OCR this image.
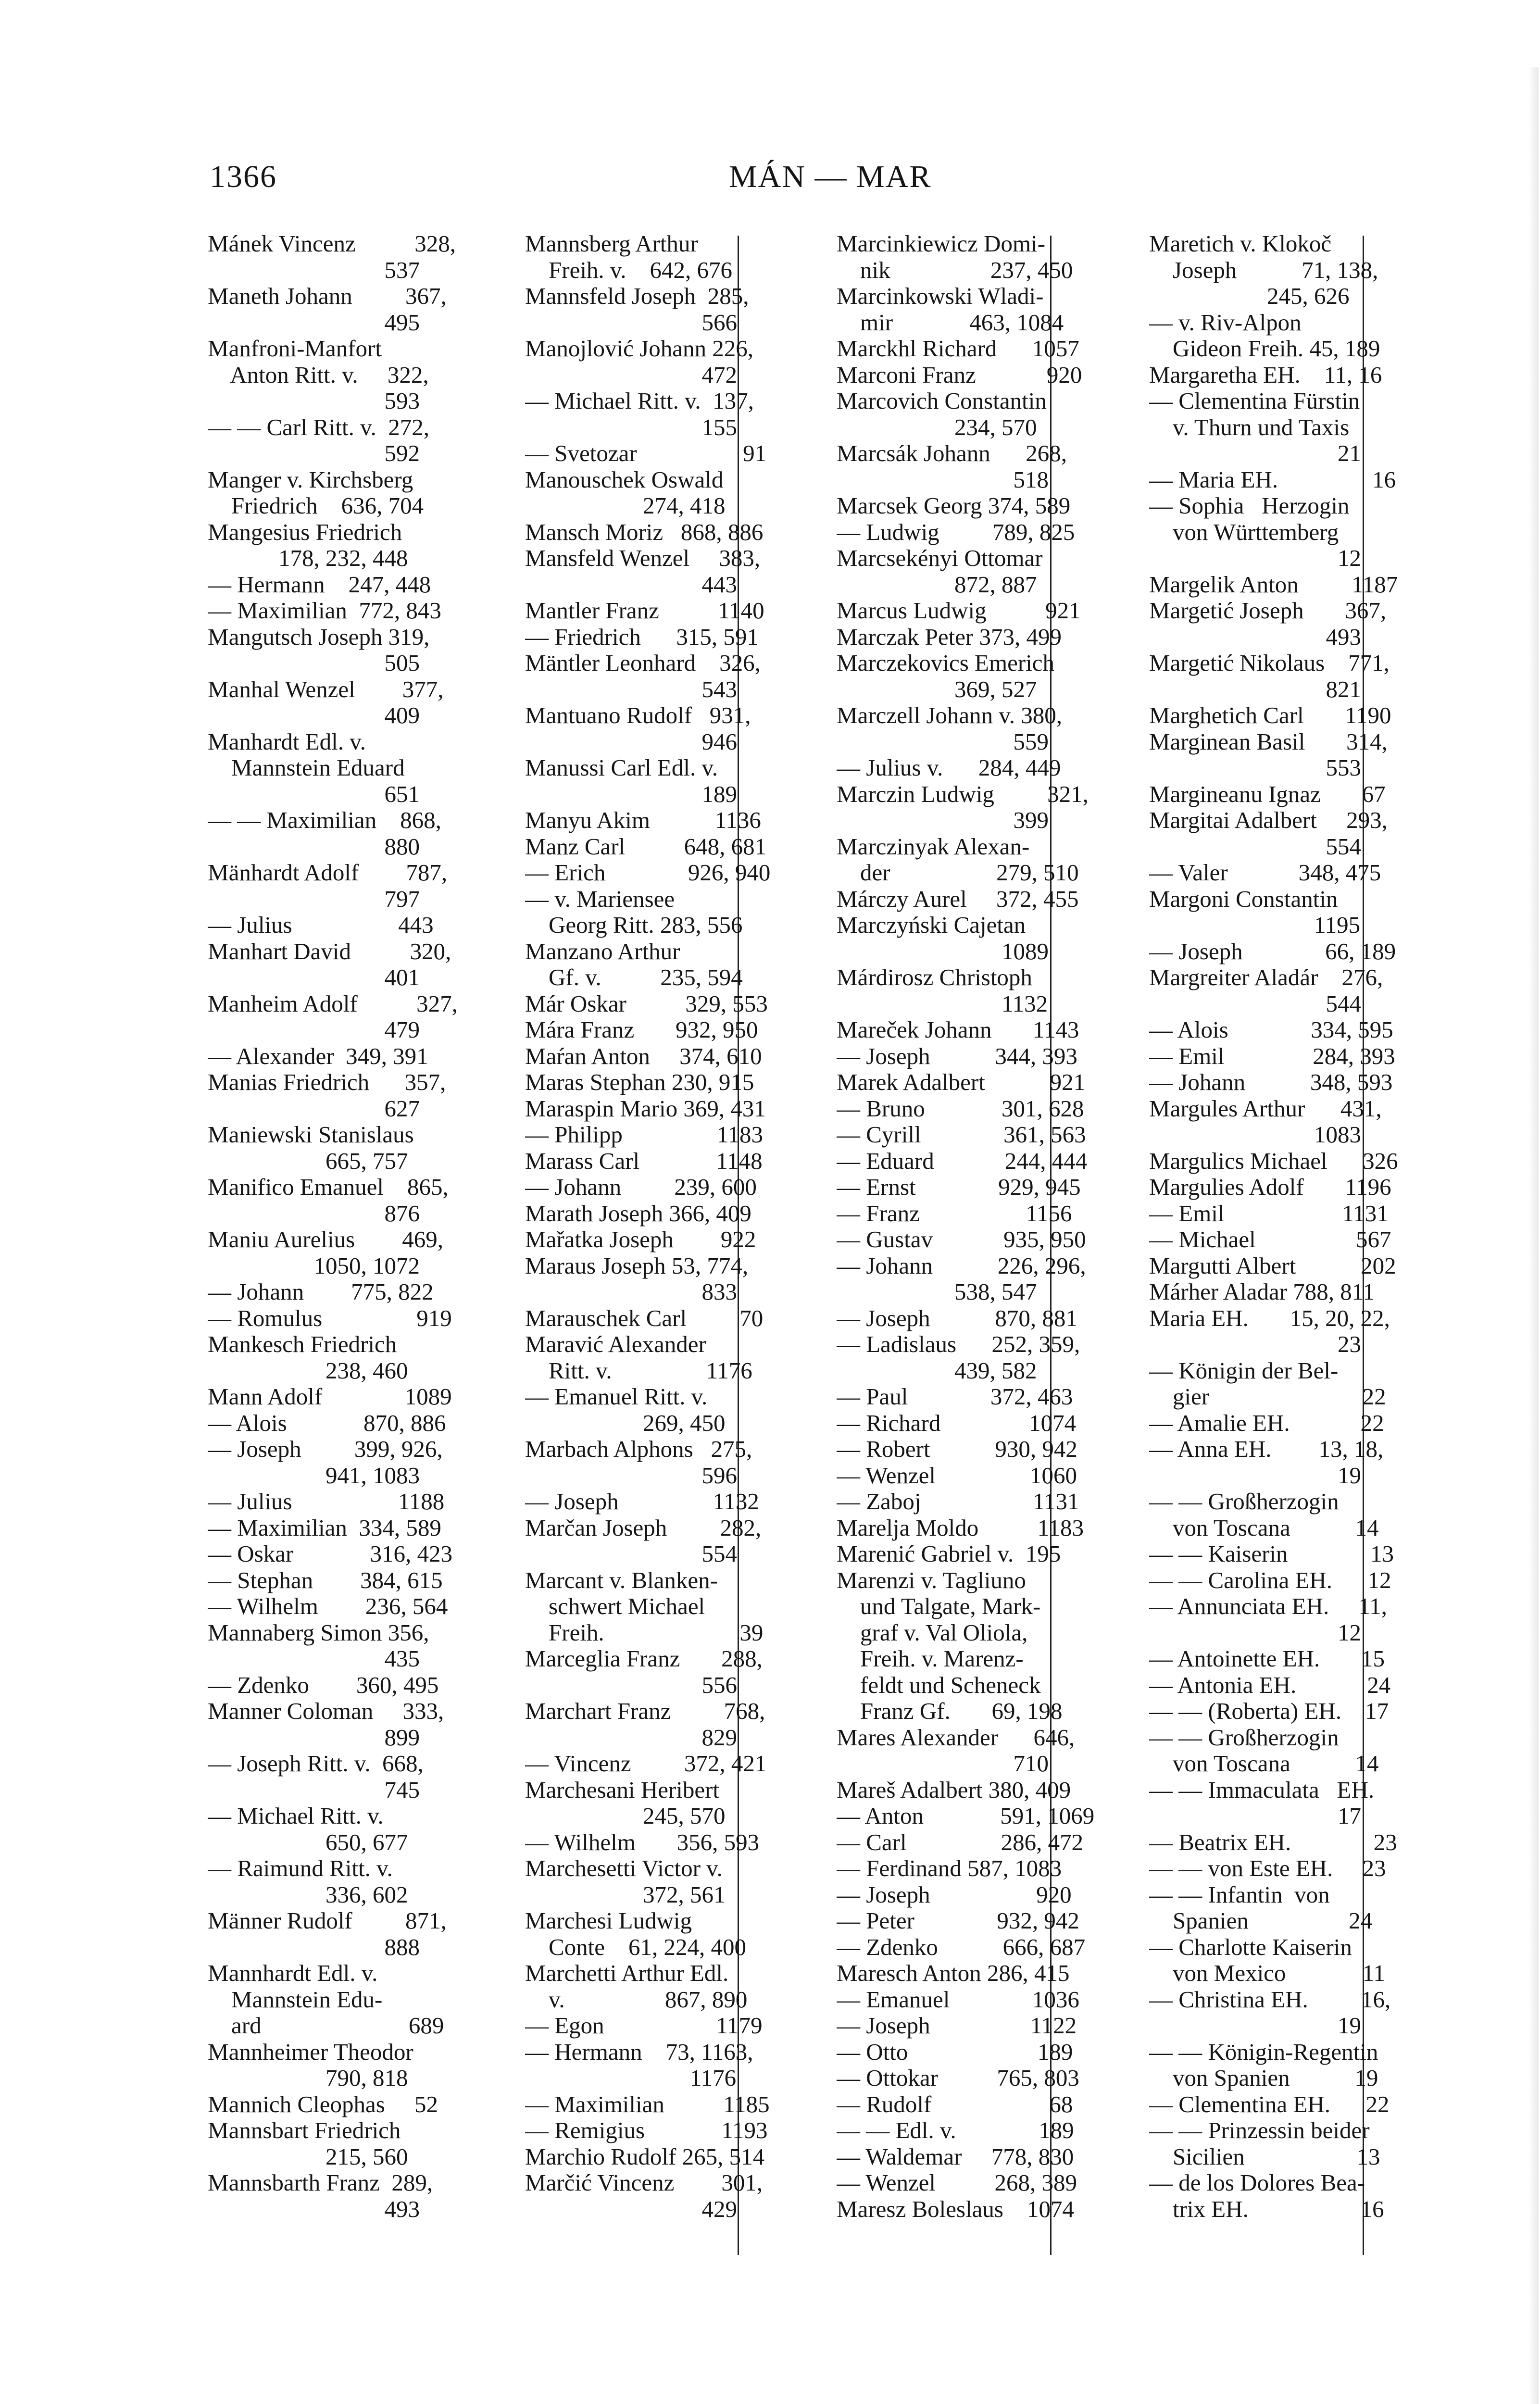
1366	MÁN — MAR
Mánek Vincenz          328,
537
Maneth Johann         367,
495
Manfroni-Manfort
Anton Ritt. v.     322,
593
— — Carl Ritt. v.  272,
592
Manger v. Kirchsberg
Friedrich    636, 704
Mangesius Friedrich
178, 232, 448
— Hermann    247, 448
— Maximilian  772, 843
Mangutsch Joseph 319,
505
Manhal Wenzel        377,
409
Manhardt Edl. v.
Mannstein Eduard
651
— — Maximilian    868,
880
Mänhardt Adolf        787,
797
— Julius                  443
Manhart David          320,
401
Manheim Adolf          327,
479
— Alexander  349, 391
Manias Friedrich      357,
627
Maniewski Stanislaus
665, 757
Manifico Emanuel    865,
876
Maniu Aurelius        469,
1050, 1072
— Johann        775, 822
— Romulus                919
Mankesch Friedrich
238, 460
Mann Adolf              1089
— Alois             870, 886
— Joseph         399, 926,
941, 1083
— Julius                  1188
— Maximilian  334, 589
— Oskar             316, 423
— Stephan        384, 615
— Wilhelm        236, 564
Mannaberg Simon 356,
435
— Zdenko        360, 495
Manner Coloman     333,
899
— Joseph Ritt. v.  668,
745
— Michael Ritt. v.
650, 677
— Raimund Ritt. v.
336, 602
Männer Rudolf         871,
888
Mannhardt Edl. v.
Mannstein Edu-
ard                         689
Mannheimer Theodor
790, 818
Mannich Cleophas     52
Mannsbart Friedrich
215, 560
Mannsbarth Franz  289,
493
Mannsberg Arthur
Freih. v.    642, 676
Mannsfeld Joseph  285,
566
Manojlović Johann 226,
472
— Michael Ritt. v.  137,
155
— Svetozar                  91
Manouschek Oswald
274, 418
Mansch Moriz   868, 886
Mansfeld Wenzel     383,
443
Mantler Franz          1140
— Friedrich      315, 591
Mäntler Leonhard    326,
543
Mantuano Rudolf   931,
946
Manussi Carl Edl. v.
189
Manyu Akim           1136
Manz Carl          648, 681
— Erich              926, 940
— v. Mariensee
Georg Ritt. 283, 556
Manzano Arthur
Gf. v.          235, 594
Már Oskar          329, 553
Mára Franz       932, 950
Maŕan Anton     374, 610
Maras Stephan 230, 915
Maraspin Mario 369, 431
— Philipp                1183
Marass Carl             1148
— Johann         239, 600
Marath Joseph 366, 409
Mařatka Joseph        922
Maraus Joseph 53, 774,
833
Marauschek Carl         70
Maravić Alexander
Ritt. v.                1176
— Emanuel Ritt. v.
269, 450
Marbach Alphons   275,
596
— Joseph                1132
Marčan Joseph         282,
554
Marcant v. Blanken-
schwert Michael
Freih.                       39
Marceglia Franz       288,
556
Marchart Franz         768,
829
— Vincenz         372, 421
Marchesani Heribert
245, 570
— Wilhelm       356, 593
Marchesetti Victor v.
372, 561
Marchesi Ludwig
Conte    61, 224, 400
Marchetti Arthur Edl.
v.                 867, 890
— Egon                   1179
— Hermann    73, 1163,
1176
— Maximilian          1185
— Remigius             1193
Marchio Rudolf 265, 514
Marčić Vincenz        301,
429
Marcinkiewicz Domi-
nik                 237, 450
Marcinkowski Wladi-
mir             463, 1084
Marckhl Richard      1057
Marconi Franz            920
Marcovich Constantin
234, 570
Marcsák Johann      268,
518
Marcsek Georg 374, 589
— Ludwig         789, 825
Marcsekényi Ottomar
872, 887
Marcus Ludwig          921
Marczak Peter 373, 499
Marczekovics Emerich
369, 527
Marczell Johann v. 380,
559
— Julius v.      284, 449
Marczin Ludwig         321,
399
Marczinyak Alexan-
der                  279, 510
Márczy Aurel     372, 455
Marczyński Cajetan
1089
Márdirosz Christoph
1132
Mareček Johann       1143
— Joseph           344, 393
Marek Adalbert           921
— Bruno             301, 628
— Cyrill              361, 563
— Eduard            244, 444
— Ernst              929, 945
— Franz                  1156
— Gustav            935, 950
— Johann           226, 296,
538, 547
— Joseph           870, 881
— Ladislaus      252, 359,
439, 582
— Paul              372, 463
— Richard               1074
— Robert           930, 942
— Wenzel                1060
— Zaboj                   1131
Marelja Moldo          1183
Marenić Gabriel v.  195
Marenzi v. Tagliuno
und Talgate, Mark-
graf v. Val Oliola,
Freih. v. Marenz-
feldt und Scheneck
Franz Gf.       69, 198
Mares Alexander      646,
710
Mareš Adalbert 380, 409
— Anton             591, 1069
— Carl                286, 472
— Ferdinand 587, 1083
— Joseph                  920
— Peter              932, 942
— Zdenko           666, 687
Maresch Anton 286, 415
— Emanuel              1036
— Joseph                 1122
— Otto                      189
— Ottokar          765, 803
— Rudolf                    68
— — Edl. v.              189
— Waldemar     778, 830
— Wenzel          268, 389
Maresz Boleslaus    1074
Maretich v. Klokoč
Joseph           71, 138,
245, 626
— v. Riv-Alpon
Gideon Freih. 45, 189
Margaretha EH.    11, 16
— Clementina Fürstin
v. Thurn und Taxis
21
— Maria EH.                16
— Sophia   Herzogin
von Württemberg
12
Margelik Anton         1187
Margetić Joseph       367,
493
Margetić Nikolaus    771,
821
Marghetich Carl       1190
Marginean Basil       314,
553
Margineanu Ignaz       67
Margitai Adalbert     293,
554
— Valer            348, 475
Margoni Constantin
1195
— Joseph              66, 189
Margreiter Aladár    276,
544
— Alois              334, 595
— Emil               284, 393
— Johann           348, 593
Margules Arthur      431,
1083
Margulics Michael      326
Margulies Adolf       1196
— Emil                    1131
— Michael                 567
Margutti Albert           202
Márher Aladar 788, 811
Maria EH.       15, 20, 22,
23
— Königin der Bel-
gier                          22
— Amalie EH.            22
— Anna EH.        13, 18,
19
— — Großherzogin
von Toscana           14
— — Kaiserin              13
— — Carolina EH.      12
— Annunciata EH.     11,
12
— Antoinette EH.       15
— Antonia EH.            24
— — (Roberta) EH.    17
— — Großherzogin
von Toscana           14
— — Immaculata   EH.
17
— Beatrix EH.              23
— — von Este EH.     23
— — Infantin  von
Spanien                 24
— Charlotte Kaiserin
von Mexico             11
— Christina EH.         16,
19
— — Königin-Regentin
von Spanien           19
— Clementina EH.      22
— — Prinzessin beider
Sicilien                   13
— de los Dolores Bea-
trix EH.                   16
